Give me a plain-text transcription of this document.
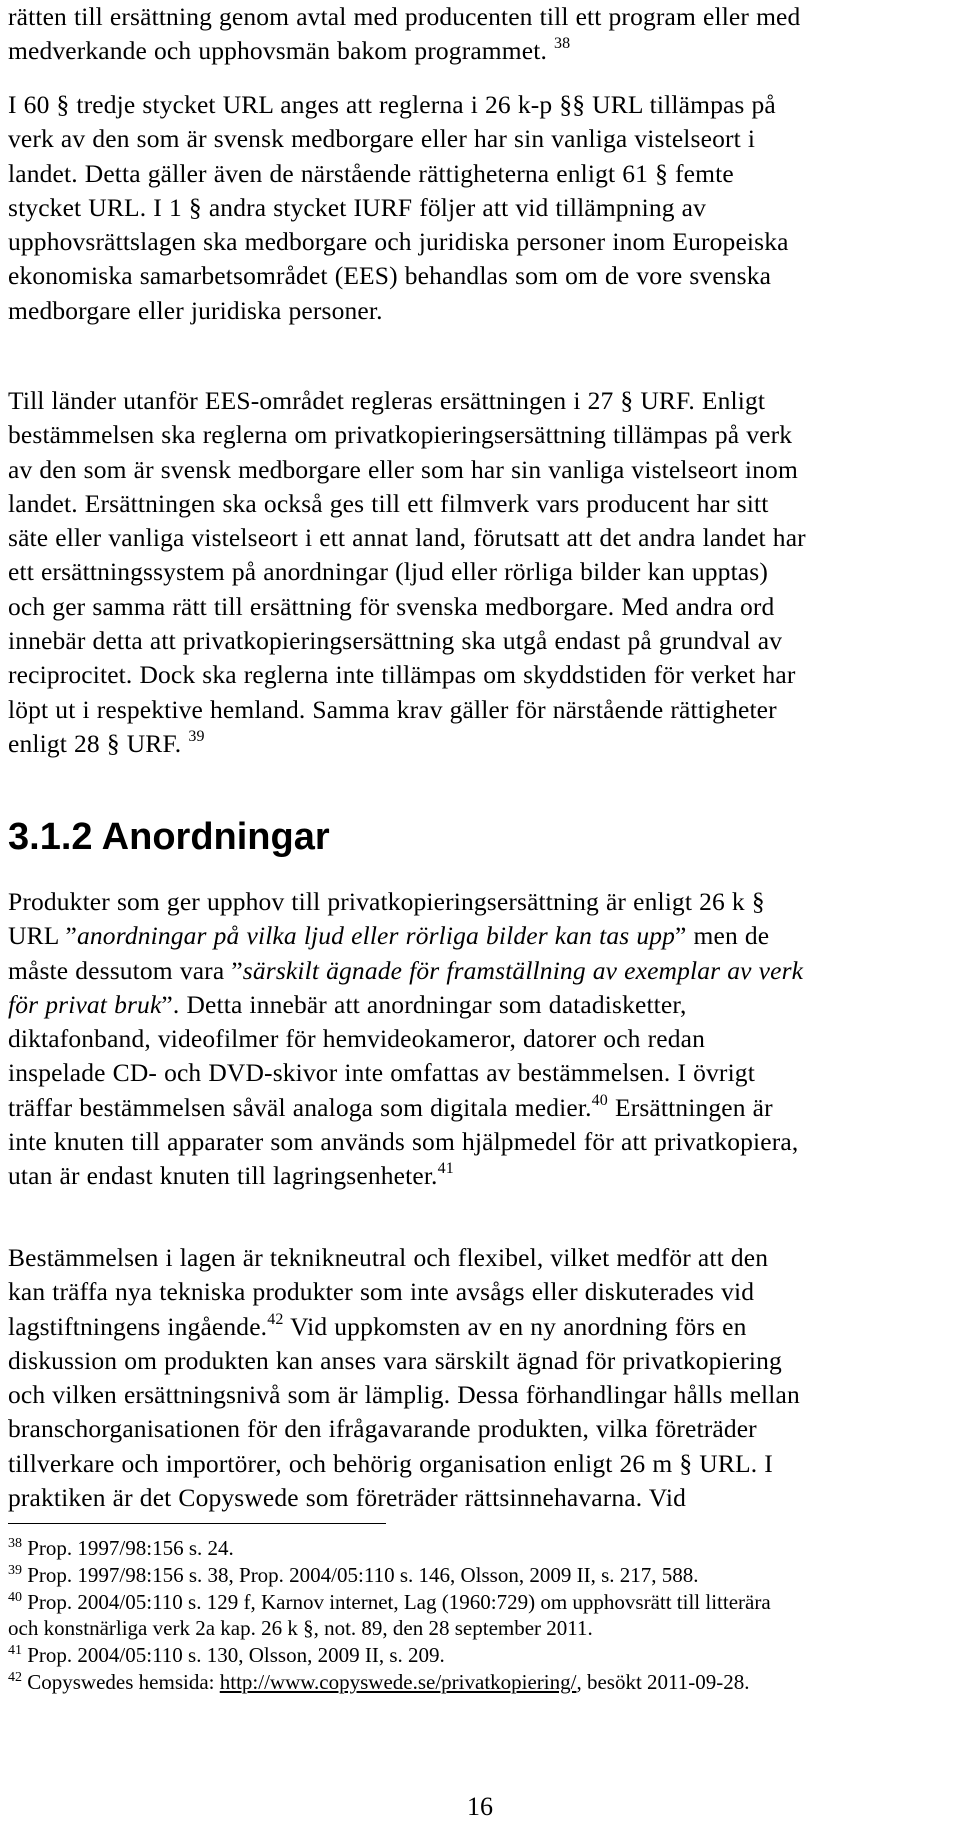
rätten till ersättning genom avtal med producenten till ett program eller med
medverkande och upphovsmän bakom programmet. $^{38}$

I 60 § tredje stycket URL anges att reglerna i 26 k-p §§ URL tillämpas på
verk av den som är svensk medborgare eller har sin vanliga vistelseort i
landet. Detta gäller även de närstående rättigheterna enligt 61 § femte
stycket URL. I 1 § andra stycket IURF följer att vid tillämpning av
upphovsrättslagen ska medborgare och juridiska personer inom Europeiska
ekonomiska samarbetsområdet (EES) behandlas som om de vore svenska
medborgare eller juridiska personer.

Till länder utanför EES-området regleras ersättningen i 27 § URF. Enligt
bestämmelsen ska reglerna om privatkopieringsersättning tillämpas på verk
av den som är svensk medborgare eller som har sin vanliga vistelseort inom
landet. Ersättningen ska också ges till ett filmverk vars producent har sitt
säte eller vanliga vistelseort i ett annat land, förutsatt att det andra landet har
ett ersättningssystem på anordningar (ljud eller rörliga bilder kan upptas)
och ger samma rätt till ersättning för svenska medborgare. Med andra ord
innebär detta att privatkopieringsersättning ska utgå endast på grundval av
reciprocitet. Dock ska reglerna inte tillämpas om skyddstiden för verket har
löpt ut i respektive hemland. Samma krav gäller för närstående rättigheter
enligt 28 § URF. $^{39}$

3.1.2 Anordningar

Produkter som ger upphov till privatkopieringsersättning är enligt 26 k §
URL ”anordningar på vilka ljud eller rörliga bilder kan tas upp” men de
måste dessutom vara ”särskilt ägnade för framställning av exemplar av verk
för privat bruk”. Detta innebär att anordningar som datadisketter,
diktafonband, videofilmer för hemvideokameror, datorer och redan
inspelade CD- och DVD-skivor inte omfattas av bestämmelsen. I övrigt
träffar bestämmelsen såväl analoga som digitala medier.$^{40}$ Ersättningen är
inte knuten till apparater som används som hjälpmedel för att privatkopiera,
utan är endast knuten till lagringsenheter.$^{41}$

Bestämmelsen i lagen är teknikneutral och flexibel, vilket medför att den
kan träffa nya tekniska produkter som inte avsågs eller diskuterades vid
lagstiftningens ingående.$^{42}$ Vid uppkomsten av en ny anordning förs en
diskussion om produkten kan anses vara särskilt ägnad för privatkopiering
och vilken ersättningsnivå som är lämplig. Dessa förhandlingar hålls mellan
branschorganisationen för den ifrågavarande produkten, vilka företräder
tillverkare och importörer, och behörig organisation enligt 26 m § URL. I
praktiken är det Copyswede som företräder rättsinnehavarna. Vid

$^{38}$ Prop. 1997/98:156 s. 24.
$^{39}$ Prop. 1997/98:156 s. 38, Prop. 2004/05:110 s. 146, Olsson, 2009 II, s. 217, 588.
$^{40}$ Prop. 2004/05:110 s. 129 f, Karnov internet, Lag (1960:729) om upphovsrätt till litterära
och konstnärliga verk 2a kap. 26 k §, not. 89, den 28 september 2011.
$^{41}$ Prop. 2004/05:110 s. 130, Olsson, 2009 II, s. 209.
$^{42}$ Copyswedes hemsida: http://www.copyswede.se/privatkopiering/, besökt 2011-09-28.
16
